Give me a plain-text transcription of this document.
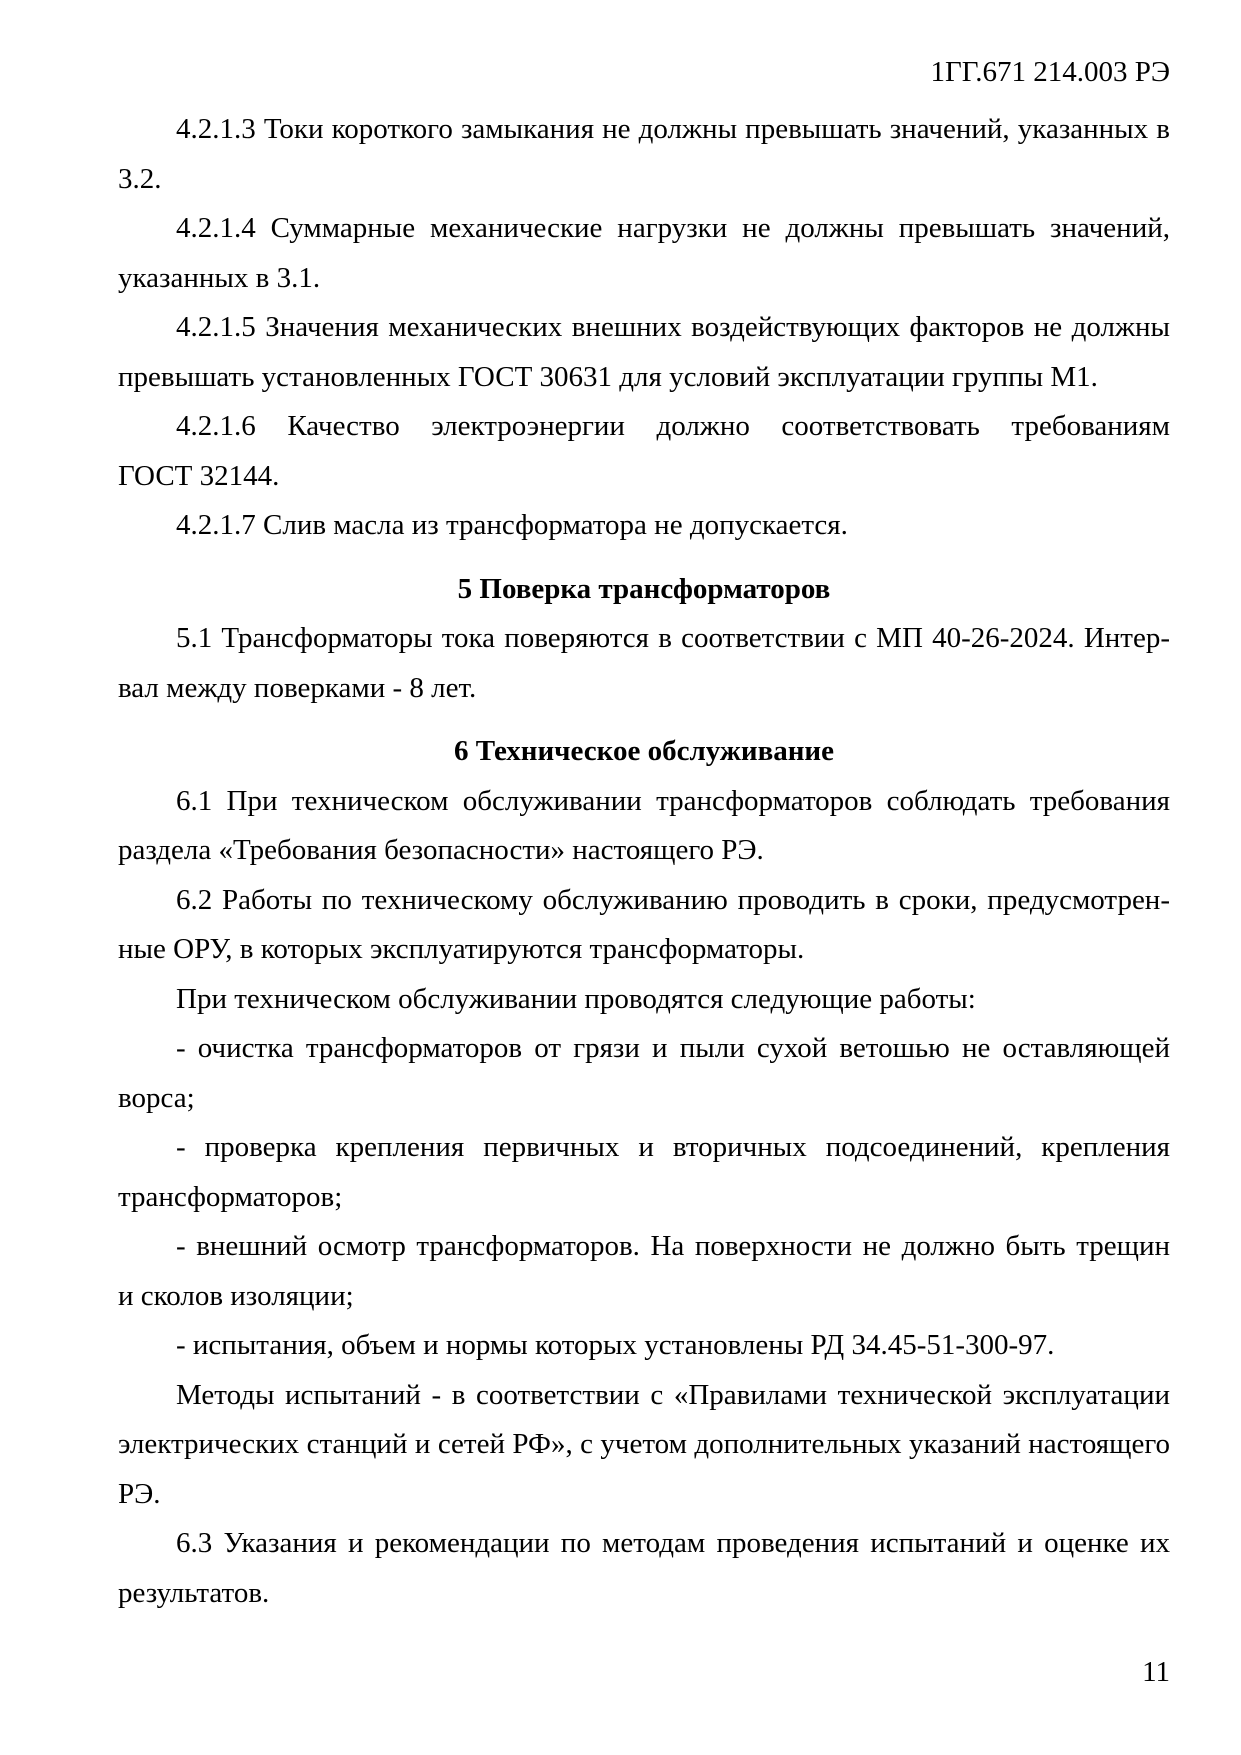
1ГГ.671 214.003 РЭ
4.2.1.3 Токи короткого замыкания не должны превышать значений, указанных в
3.2.
4.2.1.4 Суммарные механические нагрузки не должны превышать значений,
указанных в 3.1.
4.2.1.5 Значения механических внешних воздействующих факторов не должны
превышать установленных ГОСТ 30631 для условий эксплуатации группы М1.
4.2.1.6 Качество электроэнергии должно соответствовать требованиям
ГОСТ 32144.
4.2.1.7 Слив масла из трансформатора не допускается.
5 Поверка трансформаторов
5.1 Трансформаторы тока поверяются в соответствии с МП 40-26-2024. Интер-
вал между поверками - 8 лет.
6 Техническое обслуживание
6.1 При техническом обслуживании трансформаторов соблюдать требования
раздела «Требования безопасности» настоящего РЭ.
6.2 Работы по техническому обслуживанию проводить в сроки, предусмотрен-
ные ОРУ, в которых эксплуатируются трансформаторы.
При техническом обслуживании проводятся следующие работы:
- очистка трансформаторов от грязи и пыли сухой ветошью не оставляющей
ворса;
- проверка крепления первичных и вторичных подсоединений, крепления
трансформаторов;
- внешний осмотр трансформаторов. На поверхности не должно быть трещин
и сколов изоляции;
- испытания, объем и нормы которых установлены РД 34.45-51-300-97.
Методы испытаний - в соответствии с «Правилами технической эксплуатации
электрических станций и сетей РФ», с учетом дополнительных указаний настоящего
РЭ.
6.3 Указания и рекомендации по методам проведения испытаний и оценке их
результатов.
11
